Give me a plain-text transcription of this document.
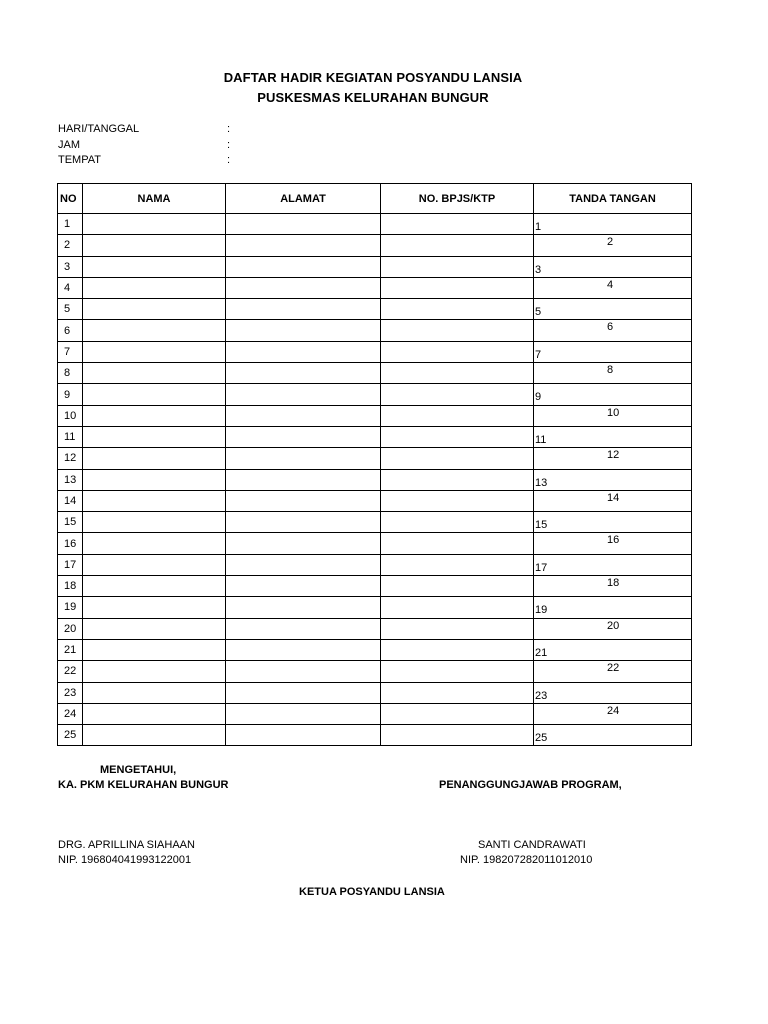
DAFTAR HADIR KEGIATAN POSYANDU LANSIA
PUSKESMAS KELURAHAN BUNGUR
HARI/TANGGAL	:
JAM	:
TEMPAT	:
NO	NAMA	ALAMAT	NO. BPJS/KTP	TANDA TANGAN
1				1

2				2

3				3

4				4

5				5

6				6

7				7

8				8

9				9

10				10

11				11

12				12

13				13

14				14

15				15

16				16

17				17

18				18

19				19

20				20

21				21

22				22

23				23

24				24

25				25
MENGETAHUI,
KA. PKM KELURAHAN BUNGUR	PENANGGUNGJAWAB PROGRAM,
DRG. APRILLINA SIAHAAN
NIP. 196804041993122001
SANTI CANDRAWATI
NIP. 198207282011012010
KETUA POSYANDU LANSIA
